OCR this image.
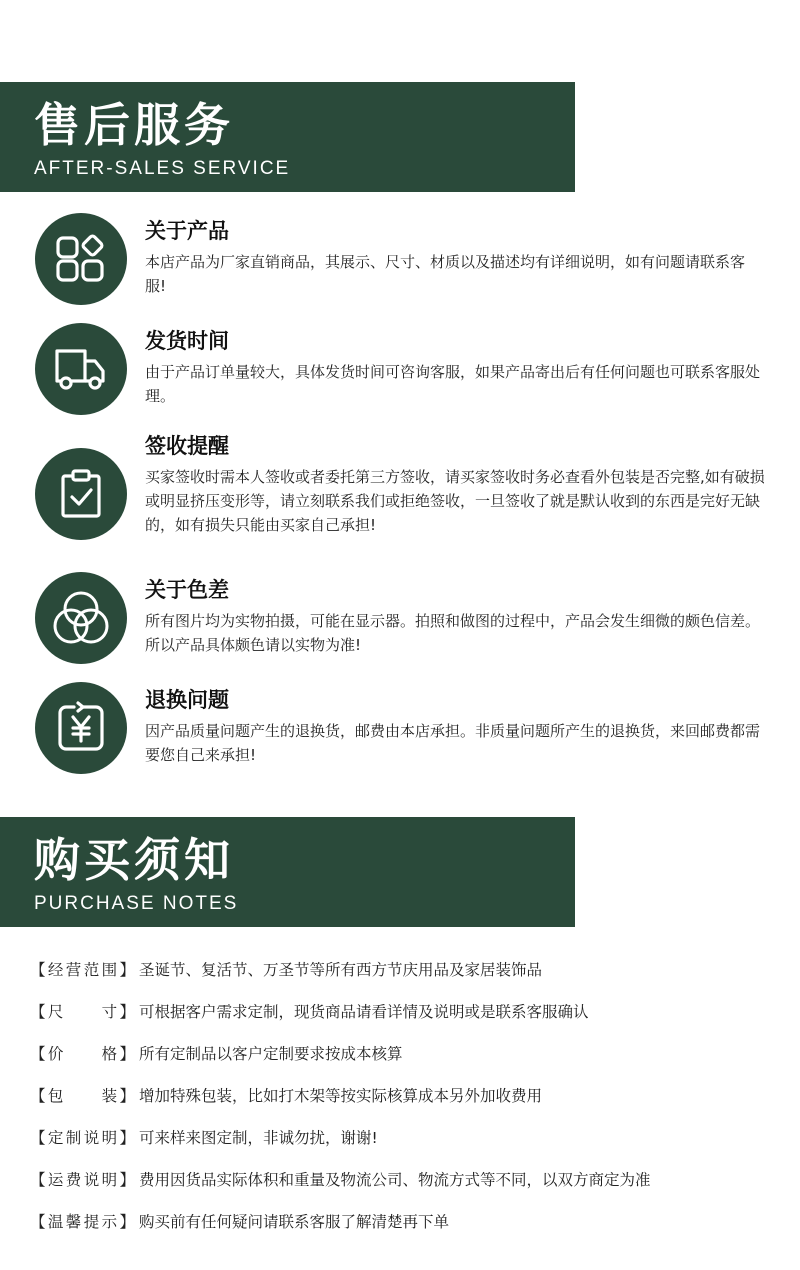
售后服务
AFTER-SALES SERVICE
关于产品
本店产品为厂家直销商品，其展示、尺寸、材质以及描述均有详细说明，如有问题请联系客服!
发货时间
由于产品订单量较大，具体发货时间可咨询客服，如果产品寄出后有任何问题也可联系客服处理。
签收提醒
买家签收时需本人签收或者委托第三方签收，请买家签收时务必查看外包装是否完整,如有破损或明显挤压变形等，请立刻联系我们或拒绝签收，一旦签收了就是默认收到的东西是完好无缺的，如有损失只能由买家自己承担!
关于色差
所有图片均为实物拍摄，可能在显示器。拍照和做图的过程中，产品会发生细微的颇色信差。所以产品具体颇色请以实物为准!
退换问题
因产品质量问题产生的退换货，邮费由本店承担。非质量问题所产生的退换货，来回邮费都需要您自己来承担!
购买须知
PURCHASE NOTES
【经营范围】 圣诞节、复活节、万圣节等所有西方节庆用品及家居装饰品
【尺　　寸】 可根据客户需求定制，现货商品请看详情及说明或是联系客服确认
【价　　格】 所有定制品以客户定制要求按成本核算
【包　　装】 增加特殊包装，比如打木架等按实际核算成本另外加收费用
【定制说明】 可来样来图定制，非诚勿扰，谢谢!
【运费说明】 费用因货品实际体积和重量及物流公司、物流方式等不同，以双方商定为准
【温馨提示】 购买前有任何疑问请联系客服了解清楚再下单
